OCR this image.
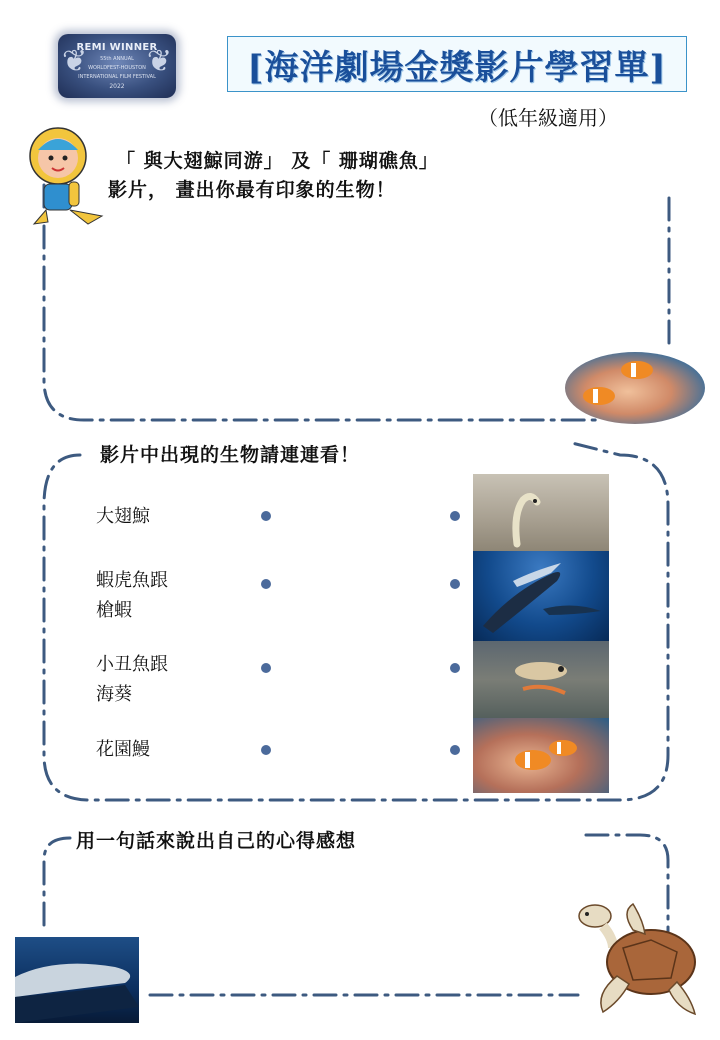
❦ ❦
REMI WINNER
55th ANNUAL
WORLDFEST-HOUSTON
INTERNATIONAL FILM FESTIVAL
2022	[海洋劇場金獎影片學習單]
（低年級適用）
「 與大翅鯨同游」 及「 珊瑚礁魚」
影片， 畫出你最有印象的生物！
影片中出現的生物請連連看！
大翅鯨
蝦虎魚跟
槍蝦
小丑魚跟
海葵
花園鰻
用一句話來說出自己的心得感想
